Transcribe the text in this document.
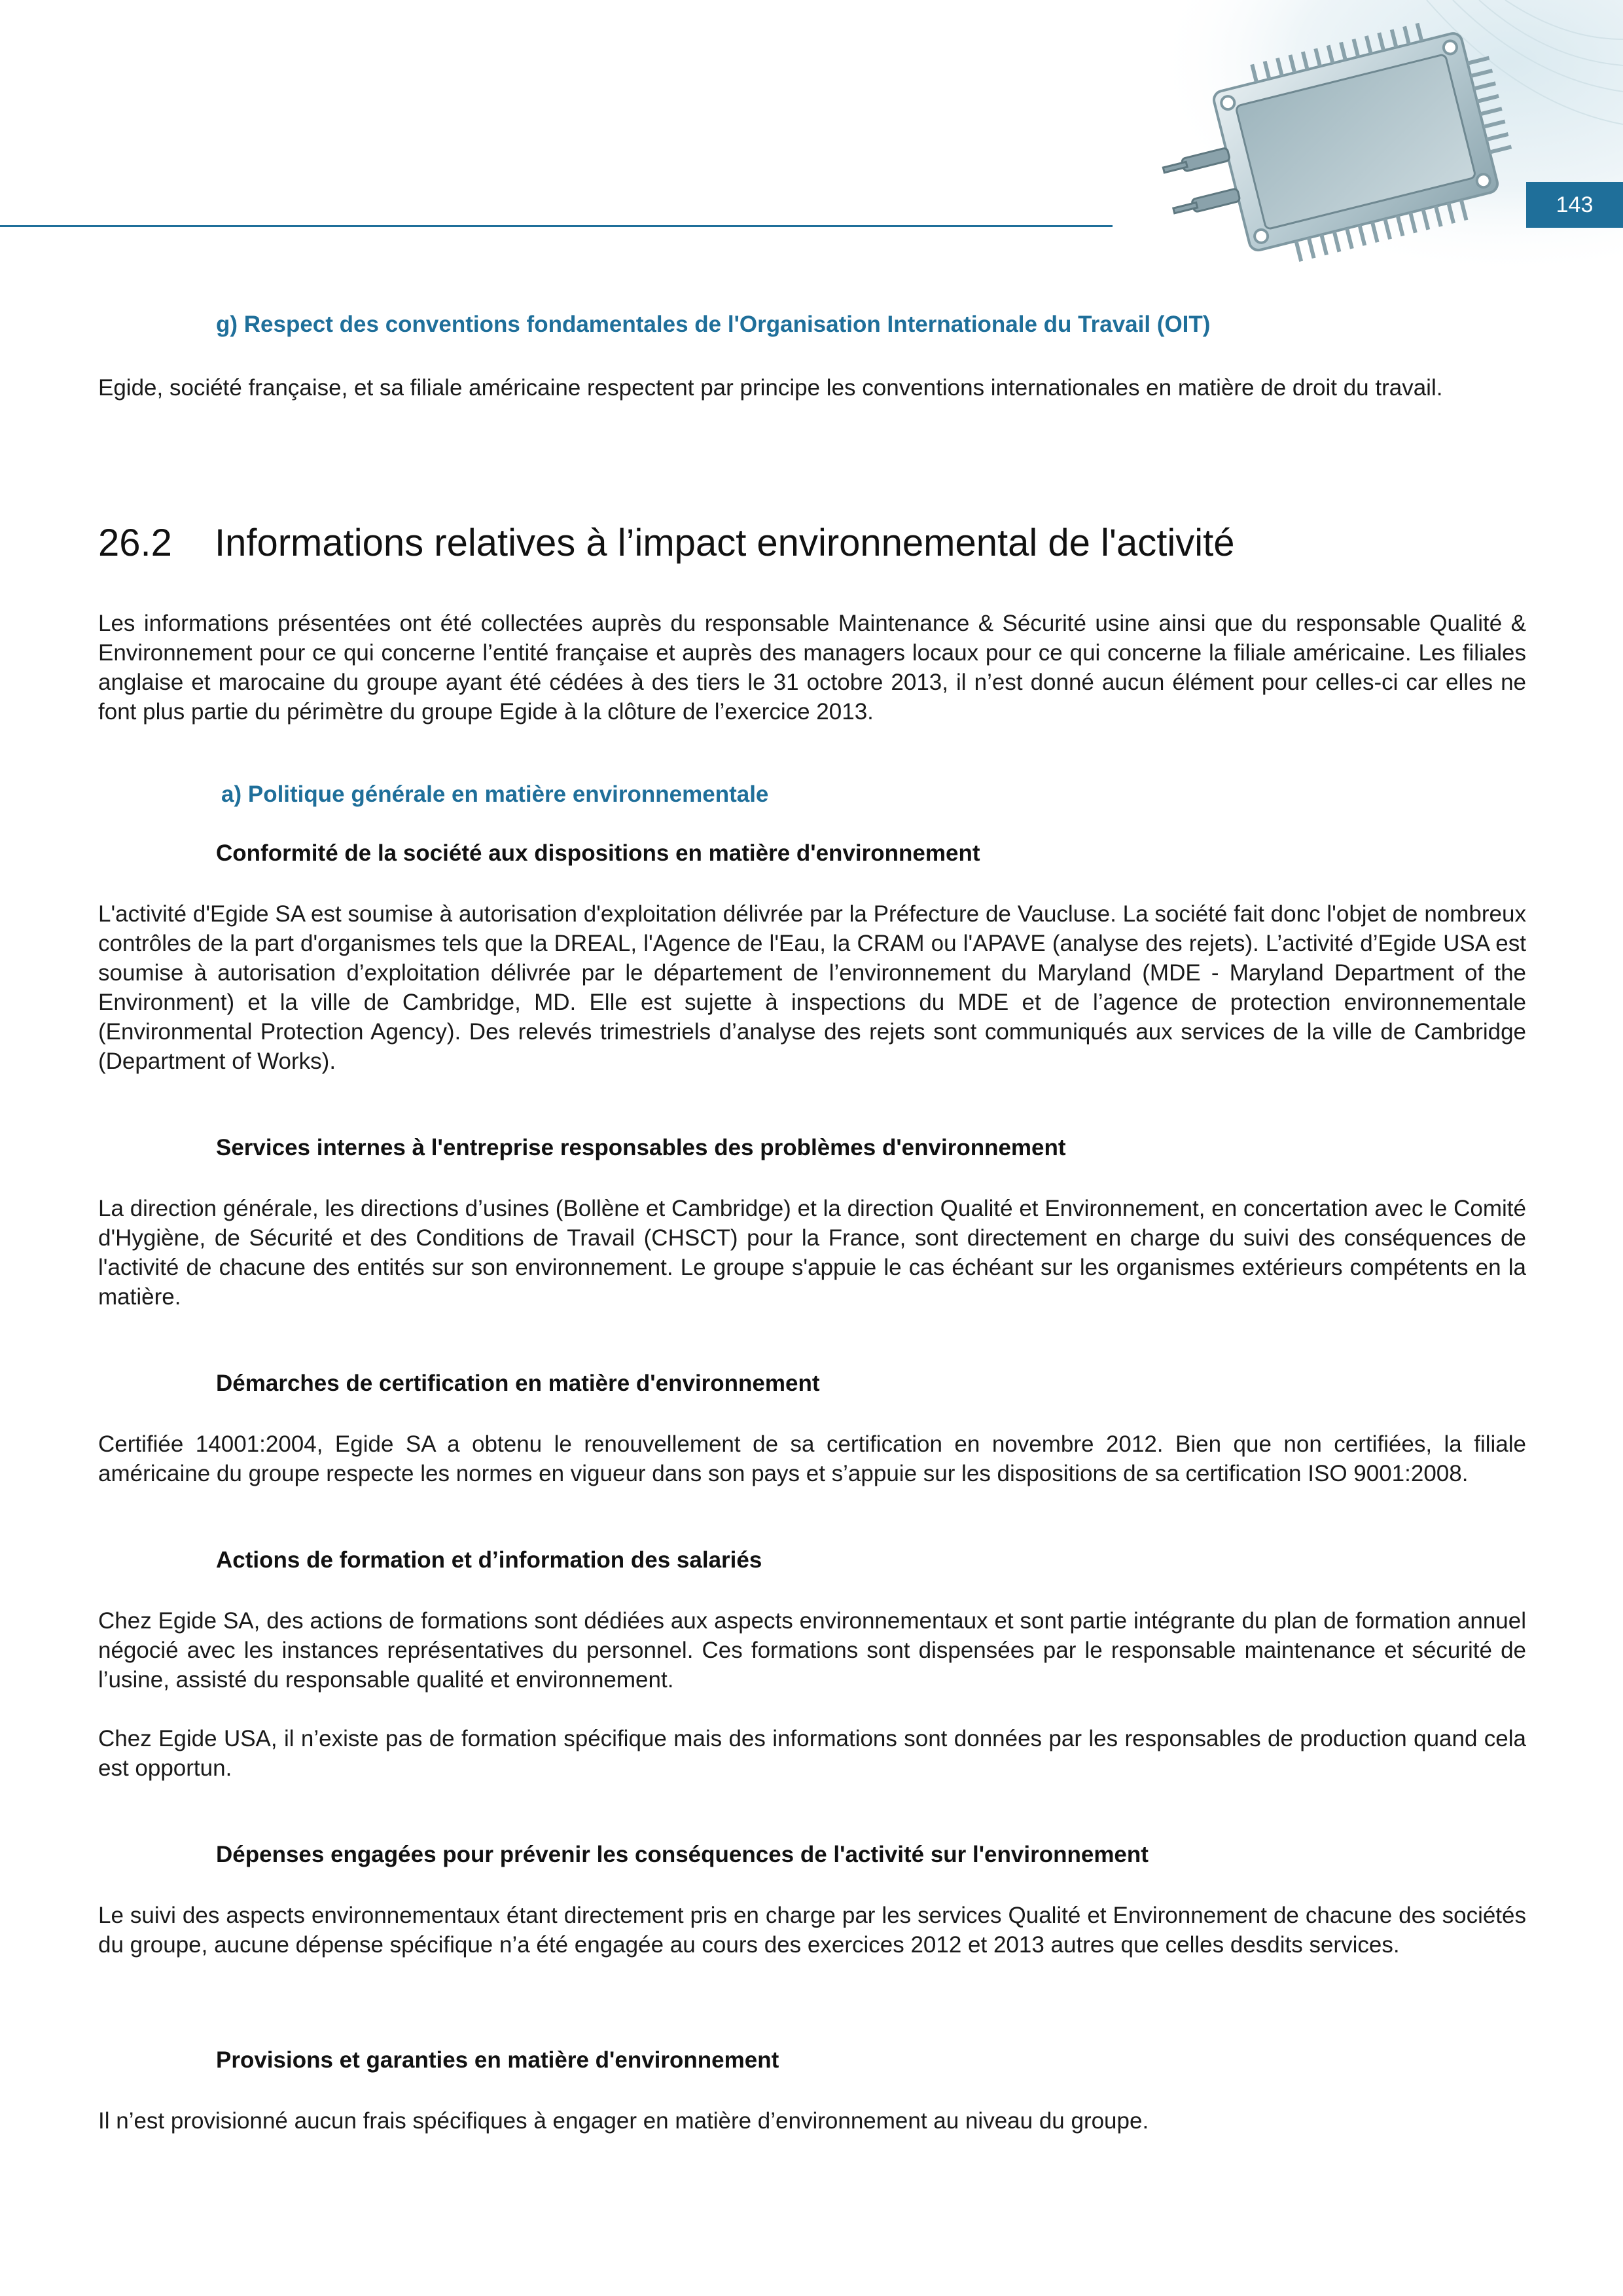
143

g) Respect des conventions fondamentales de l'Organisation Internationale du Travail (OIT)

Egide, société française, et sa filiale américaine respectent par principe les conventions internationales en matière de droit du travail.

26.2 Informations relatives à l’impact environnemental de l'activité

Les informations présentées ont été collectées auprès du responsable Maintenance & Sécurité usine ainsi que du responsable Qualité & Environnement pour ce qui concerne l’entité française et auprès des managers locaux pour ce qui concerne la filiale américaine. Les filiales anglaise et marocaine du groupe ayant été cédées à des tiers le 31 octobre 2013, il n’est donné aucun élément pour celles-ci car elles ne font plus partie du périmètre du groupe Egide à la clôture de l’exercice 2013.

a) Politique générale en matière environnementale

Conformité de la société aux dispositions en matière d'environnement

L'activité d'Egide SA est soumise à autorisation d'exploitation délivrée par la Préfecture de Vaucluse. La société fait donc l'objet de nombreux contrôles de la part d'organismes tels que la DREAL, l'Agence de l'Eau, la CRAM ou l'APAVE (analyse des rejets). L’activité d’Egide USA est soumise à autorisation d’exploitation délivrée par le département de l’environnement du Maryland (MDE - Maryland Department of the Environment) et la ville de Cambridge, MD. Elle est sujette à inspections du MDE et de l’agence de protection environnementale (Environmental Protection Agency). Des relevés trimestriels d’analyse des rejets sont communiqués aux services de la ville de Cambridge (Department of Works).

Services internes à l'entreprise responsables des problèmes d'environnement

La direction générale, les directions d’usines (Bollène et Cambridge) et la direction Qualité et Environnement, en concertation avec le Comité d'Hygiène, de Sécurité et des Conditions de Travail (CHSCT) pour la France, sont directement en charge du suivi des conséquences de l'activité de chacune des entités sur son environnement. Le groupe s'appuie le cas échéant sur les organismes extérieurs compétents en la matière.

Démarches de certification en matière d'environnement

Certifiée 14001:2004, Egide SA a obtenu le renouvellement de sa certification en novembre 2012. Bien que non certifiées, la filiale américaine du groupe respecte les normes en vigueur dans son pays et s’appuie sur les dispositions de sa certification ISO 9001:2008.

Actions de formation et d’information des salariés

Chez Egide SA, des actions de formations sont dédiées aux aspects environnementaux et sont partie intégrante du plan de formation annuel négocié avec les instances représentatives du personnel. Ces formations sont dispensées par le responsable maintenance et sécurité de l’usine, assisté du responsable qualité et environnement.

Chez Egide USA, il n’existe pas de formation spécifique mais des informations sont données par les responsables de production quand cela est opportun.

Dépenses engagées pour prévenir les conséquences de l'activité sur l'environnement

Le suivi des aspects environnementaux étant directement pris en charge par les services Qualité et Environnement de chacune des sociétés du groupe, aucune dépense spécifique n’a été engagée au cours des exercices 2012 et 2013 autres que celles desdits services.

Provisions et garanties en matière d'environnement

Il n’est provisionné aucun frais spécifiques à engager en matière d’environnement au niveau du groupe.
